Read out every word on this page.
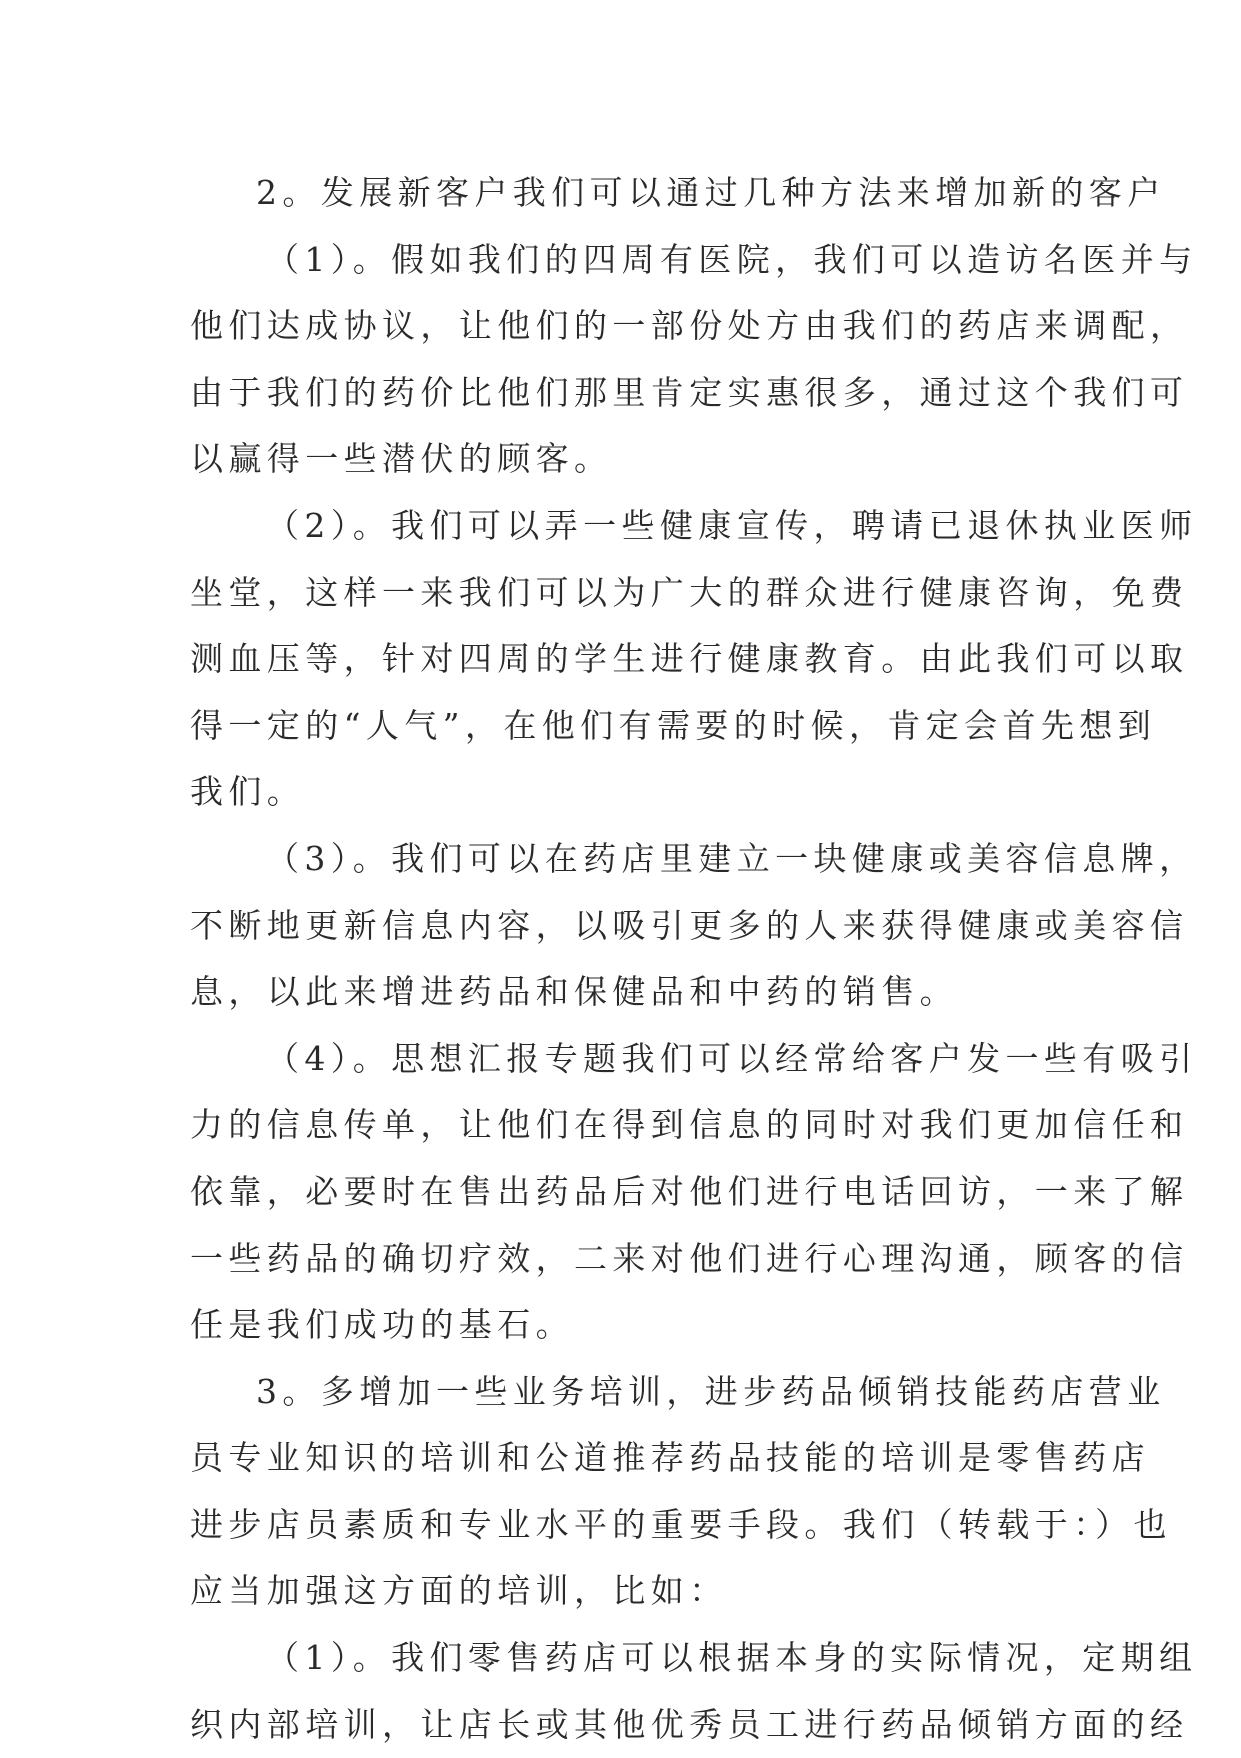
2。发展新客户我们可以通过几种方法来增加新的客户
（1）。假如我们的四周有医院，我们可以造访名医并与
他们达成协议，让他们的一部份处方由我们的药店来调配，
由于我们的药价比他们那里肯定实惠很多，通过这个我们可
以赢得一些潜伏的顾客。
（2）。我们可以弄一些健康宣传，聘请已退休执业医师
坐堂，这样一来我们可以为广大的群众进行健康咨询，免费
测血压等，针对四周的学生进行健康教育。由此我们可以取
得一定的“人气”，在他们有需要的时候，肯定会首先想到
我们。
（3）。我们可以在药店里建立一块健康或美容信息牌，
不断地更新信息内容，以吸引更多的人来获得健康或美容信
息，以此来增进药品和保健品和中药的销售。
（4）。思想汇报专题我们可以经常给客户发一些有吸引
力的信息传单，让他们在得到信息的同时对我们更加信任和
依靠，必要时在售出药品后对他们进行电话回访，一来了解
一些药品的确切疗效，二来对他们进行心理沟通，顾客的信
任是我们成功的基石。
3。多增加一些业务培训，进步药品倾销技能药店营业
员专业知识的培训和公道推荐药品技能的培训是零售药店
进步店员素质和专业水平的重要手段。我们（转载于：）也
应当加强这方面的培训，比如：
（1）。我们零售药店可以根据本身的实际情况，定期组
织内部培训，让店长或其他优秀员工进行药品倾销方面的经
